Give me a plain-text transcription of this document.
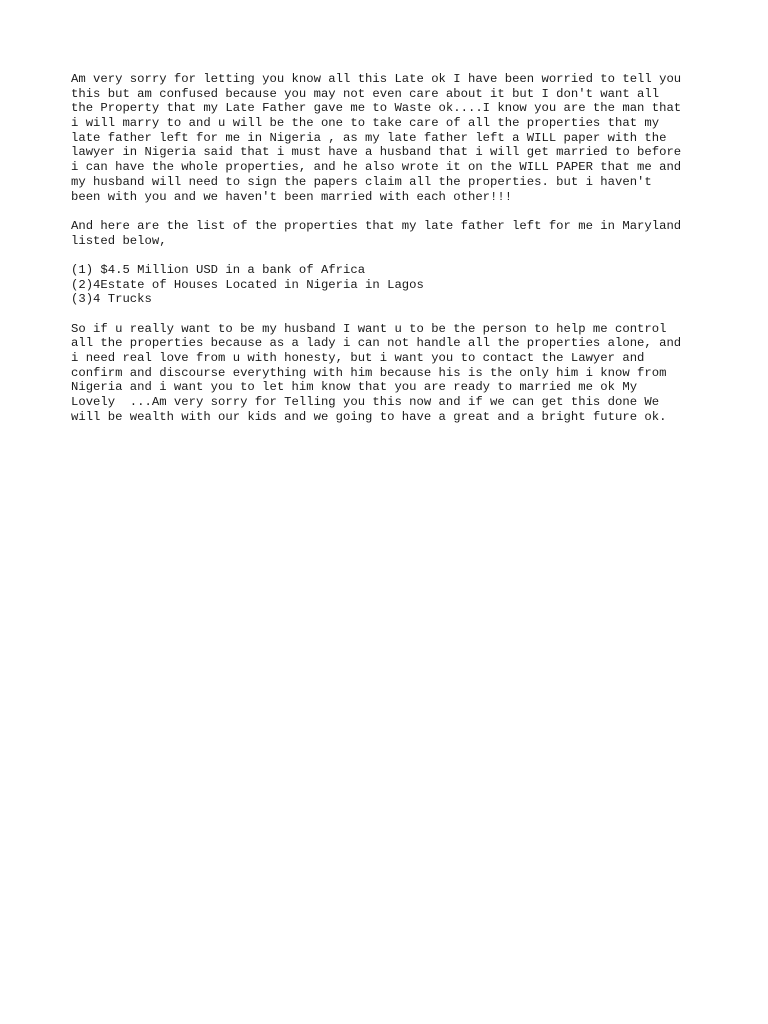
Am very sorry for letting you know all this Late ok I have been worried to tell you
this but am confused because you may not even care about it but I don't want all
the Property that my Late Father gave me to Waste ok....I know you are the man that
i will marry to and u will be the one to take care of all the properties that my
late father left for me in Nigeria , as my late father left a WILL paper with the
lawyer in Nigeria said that i must have a husband that i will get married to before
i can have the whole properties, and he also wrote it on the WILL PAPER that me and
my husband will need to sign the papers claim all the properties. but i haven't
been with you and we haven't been married with each other!!!
And here are the list of the properties that my late father left for me in Maryland
listed below,
(1) $4.5 Million USD in a bank of Africa
(2)4Estate of Houses Located in Nigeria in Lagos
(3)4 Trucks
So if u really want to be my husband I want u to be the person to help me control
all the properties because as a lady i can not handle all the properties alone, and
i need real love from u with honesty, but i want you to contact the Lawyer and
confirm and discourse everything with him because his is the only him i know from
Nigeria and i want you to let him know that you are ready to married me ok My
Lovely  ...Am very sorry for Telling you this now and if we can get this done We
will be wealth with our kids and we going to have a great and a bright future ok.
